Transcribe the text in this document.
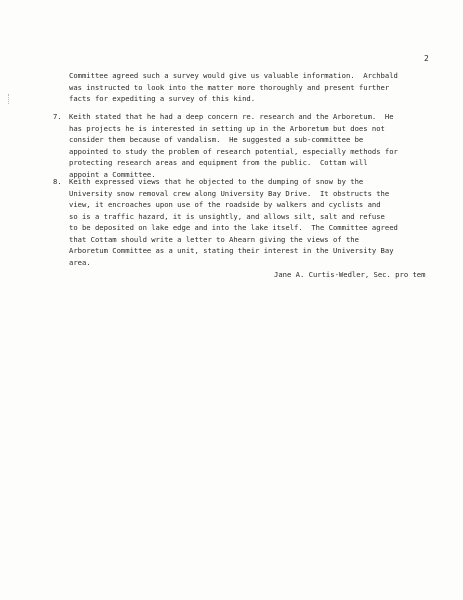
2
Committee agreed such a survey would give us valuable information.  Archbald
was instructed to look into the matter more thoroughly and present further
facts for expediting a survey of this kind.
7. Keith stated that he had a deep concern re. research and the Arboretum.  He
has projects he is interested in setting up in the Arboretum but does not
consider them because of vandalism.  He suggested a sub-committee be
appointed to study the problem of research potential, especially methods for
protecting research areas and equipment from the public.  Cottam will
appoint a Committee.
8. Keith expressed views that he objected to the dumping of snow by the
University snow removal crew along University Bay Drive.  It obstructs the
view, it encroaches upon use of the roadside by walkers and cyclists and
so is a traffic hazard, it is unsightly, and allows silt, salt and refuse
to be deposited on lake edge and into the lake itself.  The Committee agreed
that Cottam should write a letter to Ahearn giving the views of the
Arboretum Committee as a unit, stating their interest in the University Bay
area.
Jane A. Curtis-Wedler, Sec. pro tem
